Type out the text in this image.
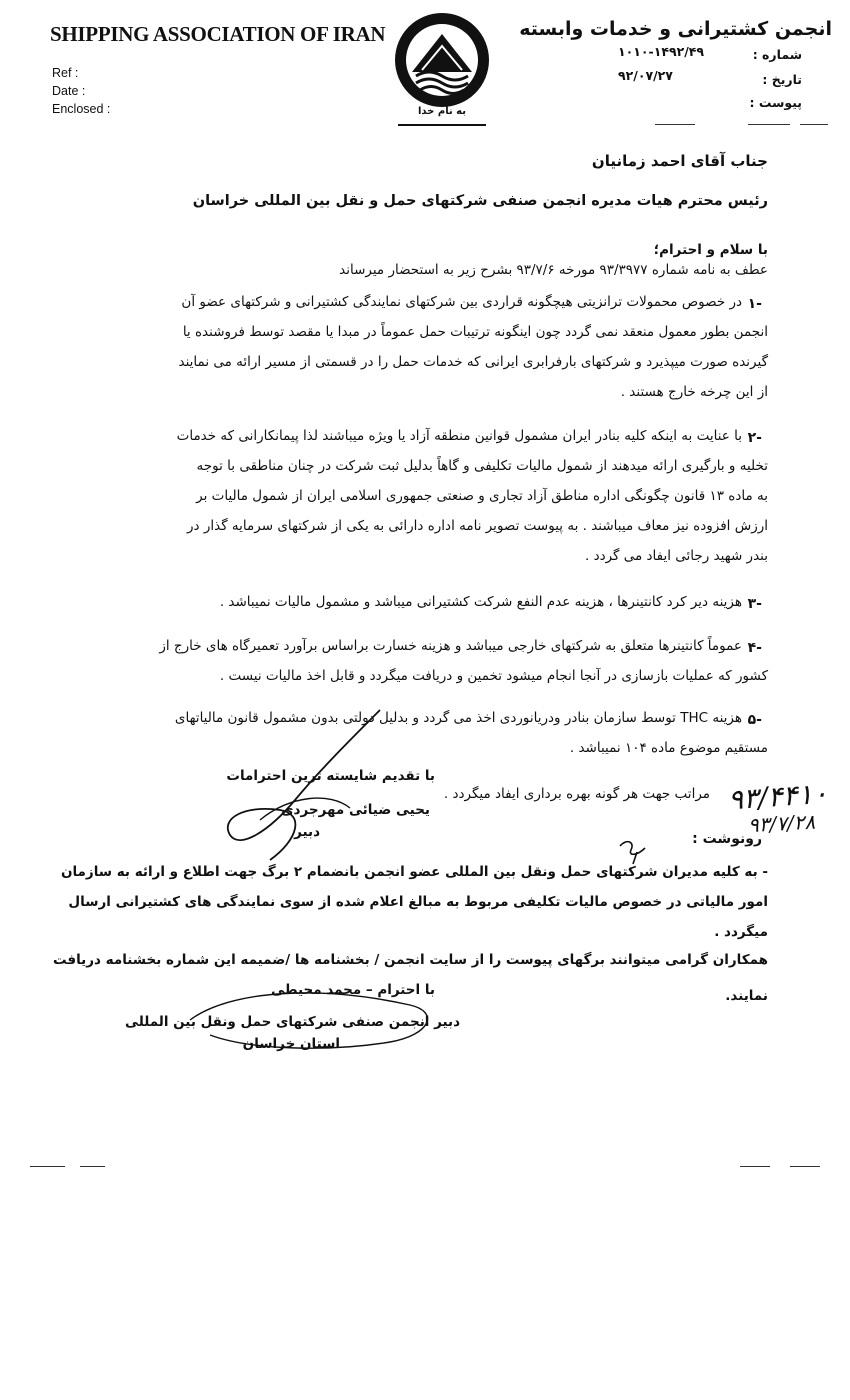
SHIPPING ASSOCIATION OF IRAN
Ref :
Date :
Enclosed :
انجمن کشتیرانی و خدمات وابسته
شماره :
۱۰۱۰-۱۴۹۲/۴۹
تاریخ :
۹۲/۰۷/۲۷
پیوست :
به نام خدا
جناب آقای احمد زمانیان
رئیس محترم هیات مدیره انجمن صنفی شرکتهای حمل و نقل بین المللی خراسان
با سلام و احترام؛
عطف به نامه شماره ۹۳/۳۹۷۷ مورخه ۹۳/۷/۶ بشرح زیر به استحضار میرساند
۱-
در خصوص محمولات ترانزیتی هیچگونه قراردی بین شرکتهای نمایندگی کشتیرانی و شرکتهای عضو آن
انجمن بطور معمول منعقد نمی گردد چون اینگونه ترتیبات حمل عموماً در مبدا یا مقصد توسط فروشنده یا
گیرنده صورت میپذیرد و شرکتهای بارفرابری ایرانی که خدمات حمل را در قسمتی از مسیر ارائه می نمایند
از این چرخه خارج هستند .
۲-
با عنایت به اینکه کلیه بنادر ایران مشمول قوانین منطقه آزاد یا ویژه میباشند لذا پیمانکارانی که خدمات
تخلیه و بارگیری ارائه میدهند از شمول مالیات تکلیفی و گاهاً بدلیل ثبت شرکت در چنان مناطقی با توجه
به ماده ۱۳ قانون چگونگی اداره مناطق آزاد تجاری و صنعتی جمهوری اسلامی ایران از شمول مالیات بر
ارزش افزوده نیز معاف میباشند . به پیوست تصویر نامه اداره دارائی به یکی از شرکتهای سرمایه گذار در
بندر شهید رجائی ایفاد می گردد .
۳-
هزینه دیر کرد کانتینرها ، هزینه عدم النفع شرکت کشتیرانی میباشد و مشمول مالیات نمیباشد .
۴-
عموماً کانتینرها متعلق به شرکتهای خارجی میباشد و هزینه خسارت براساس برآورد تعمیرگاه های خارج از
کشور که عملیات بازسازی در آنجا انجام میشود تخمین و دریافت میگردد و قابل اخذ مالیات نیست .
۵-
هزینه THC توسط سازمان بنادر ودریانوردی اخذ می گردد و بدلیل دولتی بدون مشمول قانون مالیاتهای
مستقیم موضوع ماده ۱۰۴ نمیباشد .
مراتب جهت هر گونه بهره برداری ایفاد میگردد .
با تقدیم شایسته ترین احترامات
یحیی ضیائی مهرجردی
دبیر
۹۳/۴۴۱۰
۹۳/۷/۲۸
رونوشت :
- به کلیه مدیران شرکتهای حمل ونقل بین المللی عضو انجمن بانضمام ۲ برگ جهت اطلاع و ارائه به سازمان
امور مالیاتی در خصوص مالیات تکلیفی مربوط به مبالغ اعلام شده از سوی نمایندگی های کشتیرانی ارسال
میگردد .
همکاران گرامی میتوانند برگهای پیوست را از سایت انجمن / بخشنامه ها /ضمیمه این شماره بخشنامه دریافت
نمایند.
با احترام – محمد محیطی
دبیر انجمن صنفی شرکتهای حمل ونقل بین المللی
استان خراسان
